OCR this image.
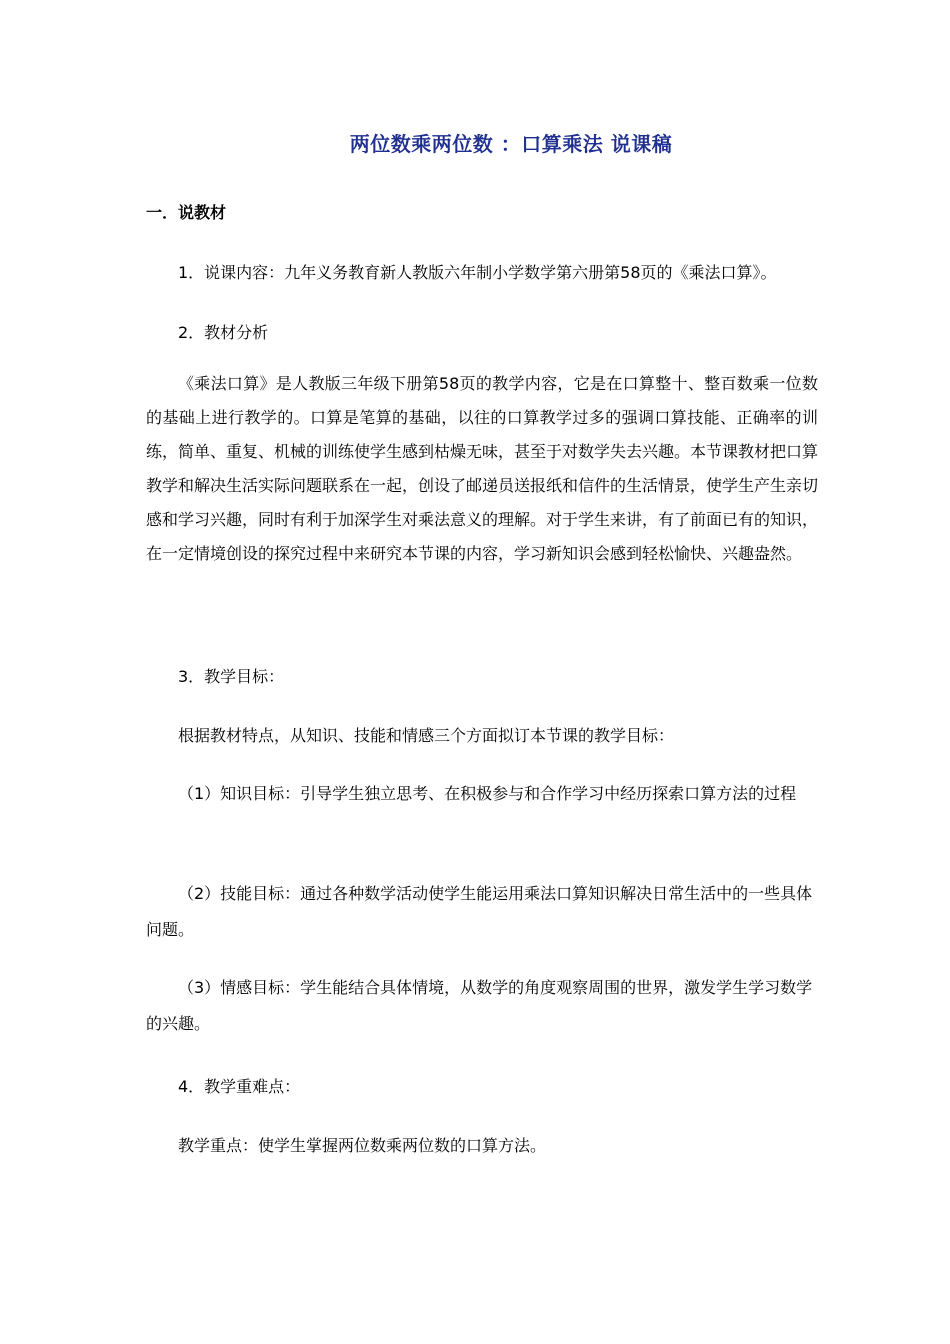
两位数乘两位数 ：口算乘法 说课稿
一．说教材
1．说课内容：九年义务教育新人教版六年制小学数学第六册第58页的《乘法口算》。
2．教材分析
《乘法口算》是人教版三年级下册第58页的教学内容，它是在口算整十、整百数乘一位数的基础上进行教学的。口算是笔算的基础，以往的口算教学过多的强调口算技能、正确率的训练，简单、重复、机械的训练使学生感到枯燥无味，甚至于对数学失去兴趣。本节课教材把口算教学和解决生活实际问题联系在一起，创设了邮递员送报纸和信件的生活情景，使学生产生亲切感和学习兴趣，同时有利于加深学生对乘法意义的理解。对于学生来讲，有了前面已有的知识，在一定情境创设的探究过程中来研究本节课的内容，学习新知识会感到轻松愉快、兴趣盎然。
3．教学目标：
根据教材特点，从知识、技能和情感三个方面拟订本节课的教学目标：
（1）知识目标：引导学生独立思考、在积极参与和合作学习中经历探索口算方法的过程
（2）技能目标：通过各种数学活动使学生能运用乘法口算知识解决日常生活中的一些具体问题。
（3）情感目标：学生能结合具体情境，从数学的角度观察周围的世界，激发学生学习数学的兴趣。
4．教学重难点：
教学重点：使学生掌握两位数乘两位数的口算方法。
